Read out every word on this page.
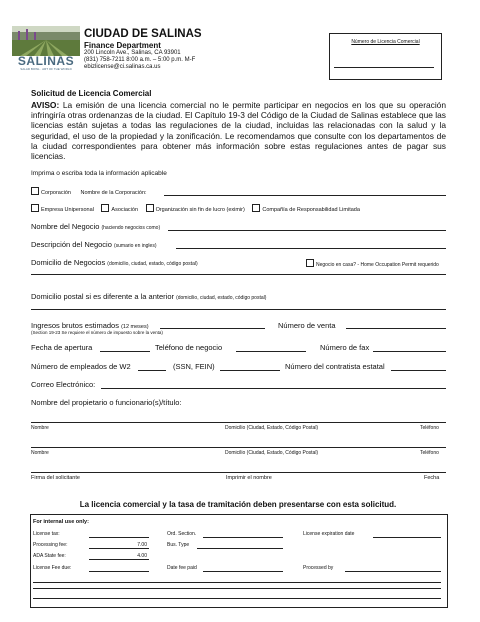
SALINAS
SALAD BOWL · ART OF THE WORLD
CIUDAD DE SALINAS
Finance Department
200 Lincoln Ave., Salinas, CA 93901
(831) 758-7211 8:00 a.m. – 5:00 p.m. M-F
ebizlicense@ci.salinas.ca.us
Número de Licencia Comercial
Solicitud de Licencia Comercial
AVISO: La emisión de una licencia comercial no le permite participar en negocios en los que su operación infringiría otras ordenanzas de la ciudad. El Capítulo 19-3 del Código de la Ciudad de Salinas establece que las licencias están sujetas a todas las regulaciones de la ciudad, incluidas las relacionadas con la salud y la seguridad, el uso de la propiedad y la zonificación. Le recomendamos que consulte con los departamentos de la ciudad correspondientes para obtener más información sobre estas regulaciones antes de pagar sus licencias.
Imprima o escriba toda la información aplicable
Corporación Nombre de la Corporación:
Empresa Unipersonal	Asociación	Organización sin fin de lucro (eximir)	Compañía de Responsabilidad Limitada
Nombre del Negocio (haciendo negocios como)
Descripción del Negocio (sumario en ingles)
Domicilio de Negocios (domicilio, ciudad, estado, código postal)	Negocio en casa? - Home Occupation Permit requerido
Domicilio postal si es diferente a la anterior (domicilio, ciudad, estado, código postal)
Ingresos brutos estimados (12 meses)
(Section 19-23 Se requiere el número de impuesto sobre la venta)
Número de venta
Fecha de apertura	Teléfono de negocio	Número de fax
Número de empleados de W2	(SSN, FEIN)	Número del contratista estatal
Correo Electrónico:
Nombre del propietario o funcionario(s)/título:
Nombre	Domicilio (Ciudad, Estado, Código Postal)	Teléfono
Nombre	Domicilio (Ciudad, Estado, Código Postal)	Teléfono
Firma del solicitante	Imprimir el nombre	Fecha
La licencia comercial y la tasa de tramitación deben presentarse con esta solicitud.
For internal use only:
License tax:	Ord. Section.	License expiration date
Processing fee:	7.00	Bus. Type
ADA State fee:	4.00
License Fee due:	Date fee paid	Processed by
